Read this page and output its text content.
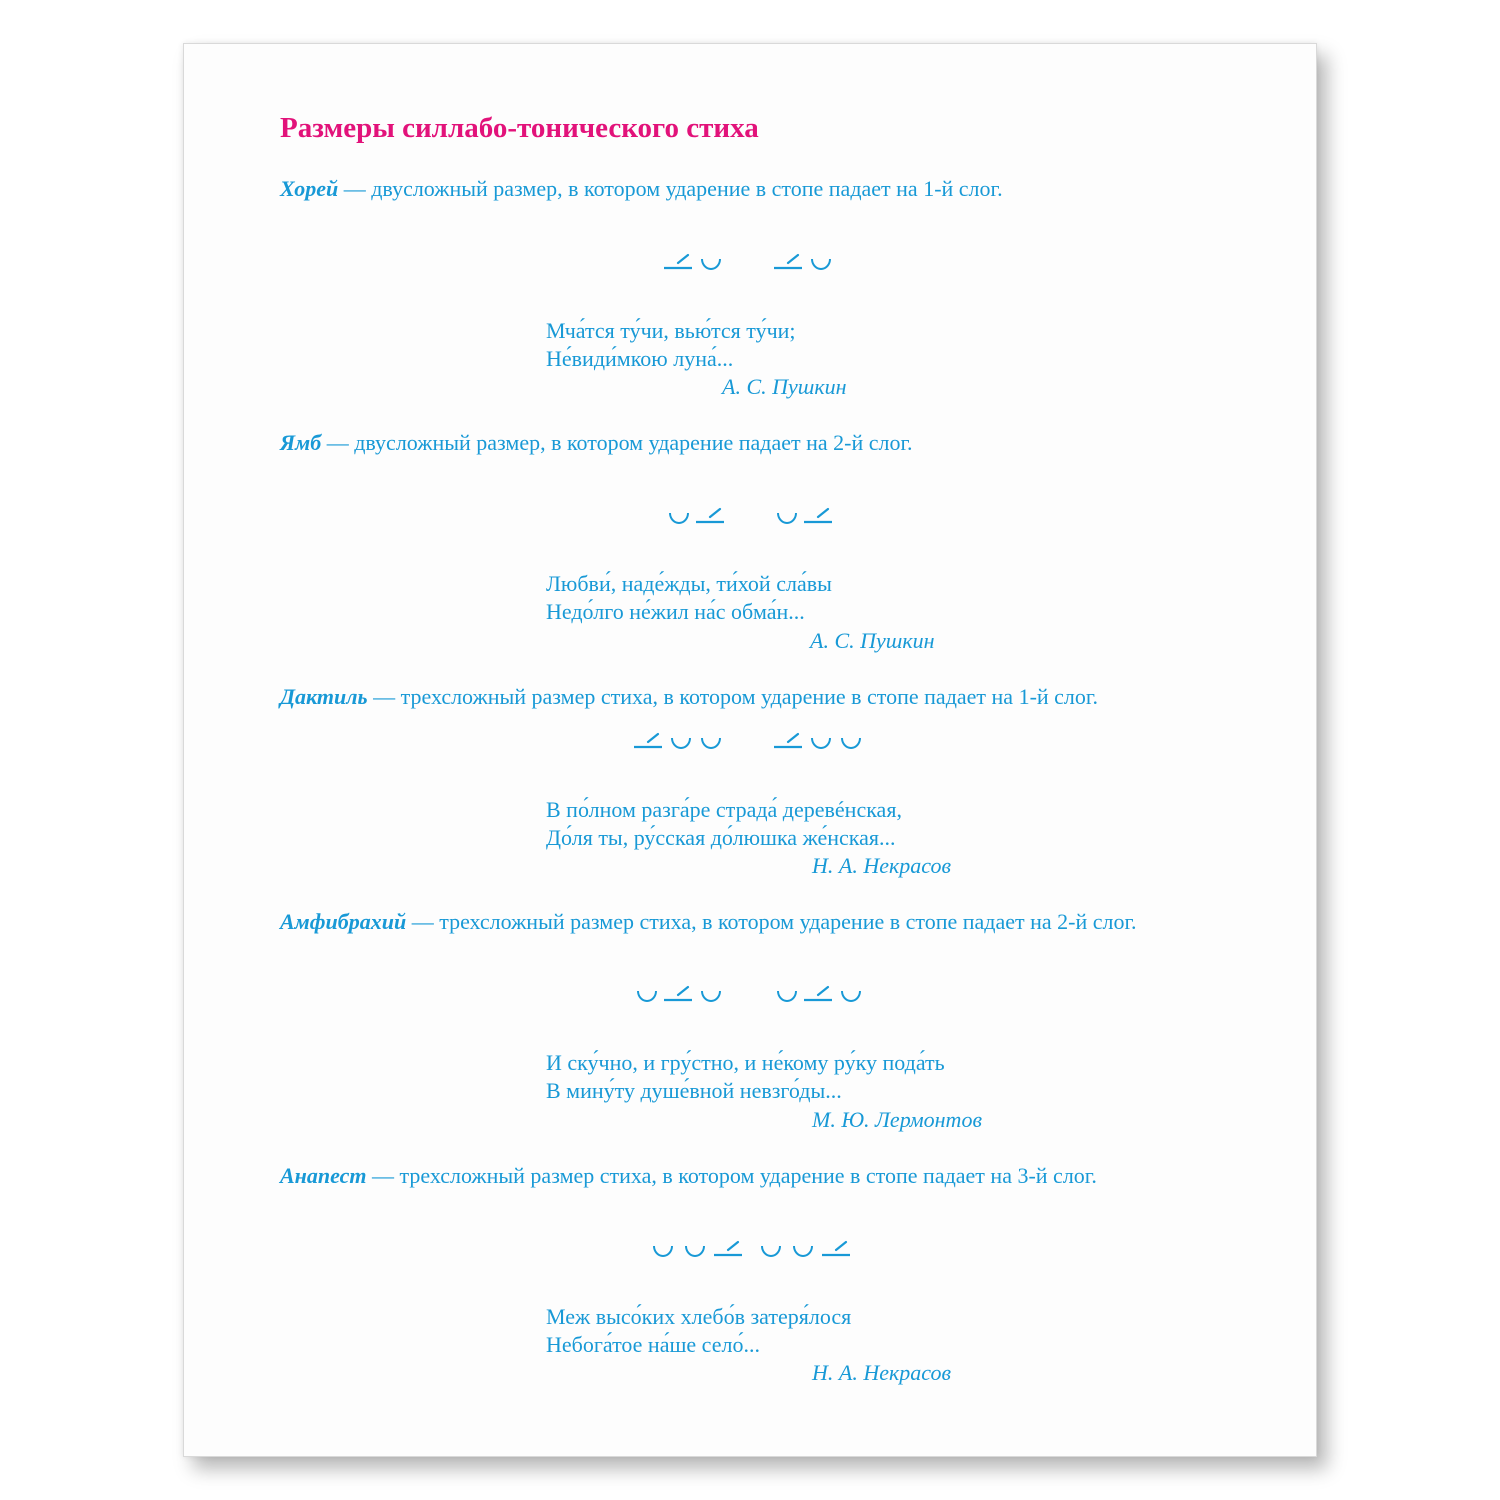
Размеры силлабо-тонического стиха

Хорей — двусложный размер, в котором ударение в стопе падает на 1-й слог.

Мча́тся ту́чи, вью́тся ту́чи;
Не́види́мкою луна́...

А. С. Пушкин

Ямб — двусложный размер, в котором ударение падает на 2-й слог.

Любви́, наде́жды, ти́хой сла́вы
Недо́лго не́жил на́с обма́н...

А. С. Пушкин

Дактиль — трехсложный размер стиха, в котором ударение в стопе падает на 1-й слог.

В по́лном разга́ре страда́ деревéнская,
До́ля ты, ру́сская до́люшка же́нская...

Н. А. Некрасов

Амфибрахий — трехсложный размер стиха, в котором ударение в стопе падает на 2-й слог.

И ску́чно, и гру́стно, и не́кому ру́ку пода́ть
В мину́ту душе́вной невзго́ды...

М. Ю. Лермонтов

Анапест — трехсложный размер стиха, в котором ударение в стопе падает на 3-й слог.

Меж высо́ких хлебо́в затеря́лося
Небога́тое на́ше село́...

Н. А. Некрасов
